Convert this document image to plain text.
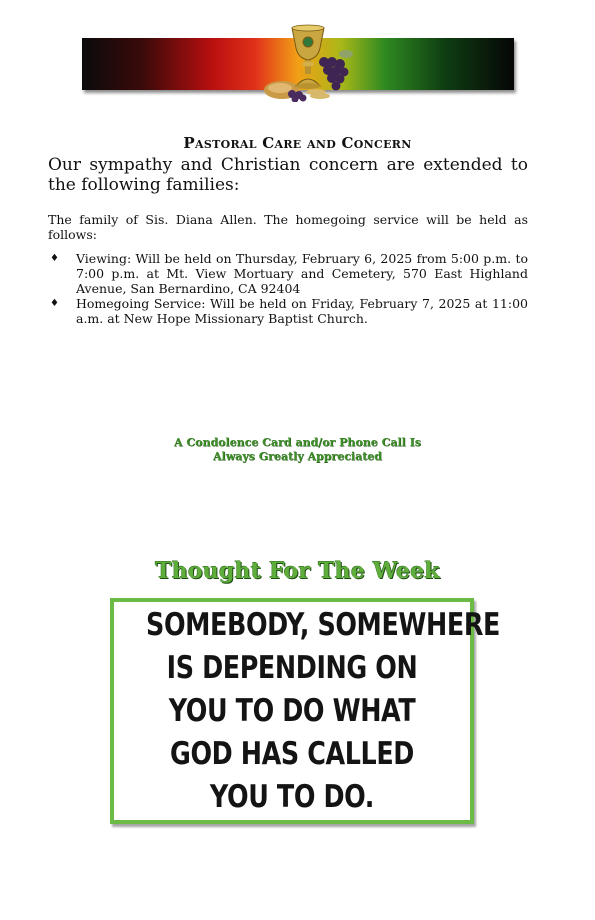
Pastoral Care and Concern
Our sympathy and Christian concern are extended to the following families:
The family of Sis. Diana Allen. The homegoing service will be held as follows:
♦ Viewing: Will be held on Thursday, February 6, 2025 from 5:00 p.m. to 7:00 p.m. at Mt. View Mortuary and Cemetery, 570 East Highland Avenue, San Bernardino, CA 92404
♦ Homegoing Service: Will be held on Friday, February 7, 2025 at 11:00 a.m. at New Hope Missionary Baptist Church.
A Condolence Card and/or Phone Call Is
Always Greatly Appreciated
Thought For The Week
SOMEBODY, SOMEWHERE
IS DEPENDING ON
YOU TO DO WHAT
GOD HAS CALLED
YOU TO DO.
